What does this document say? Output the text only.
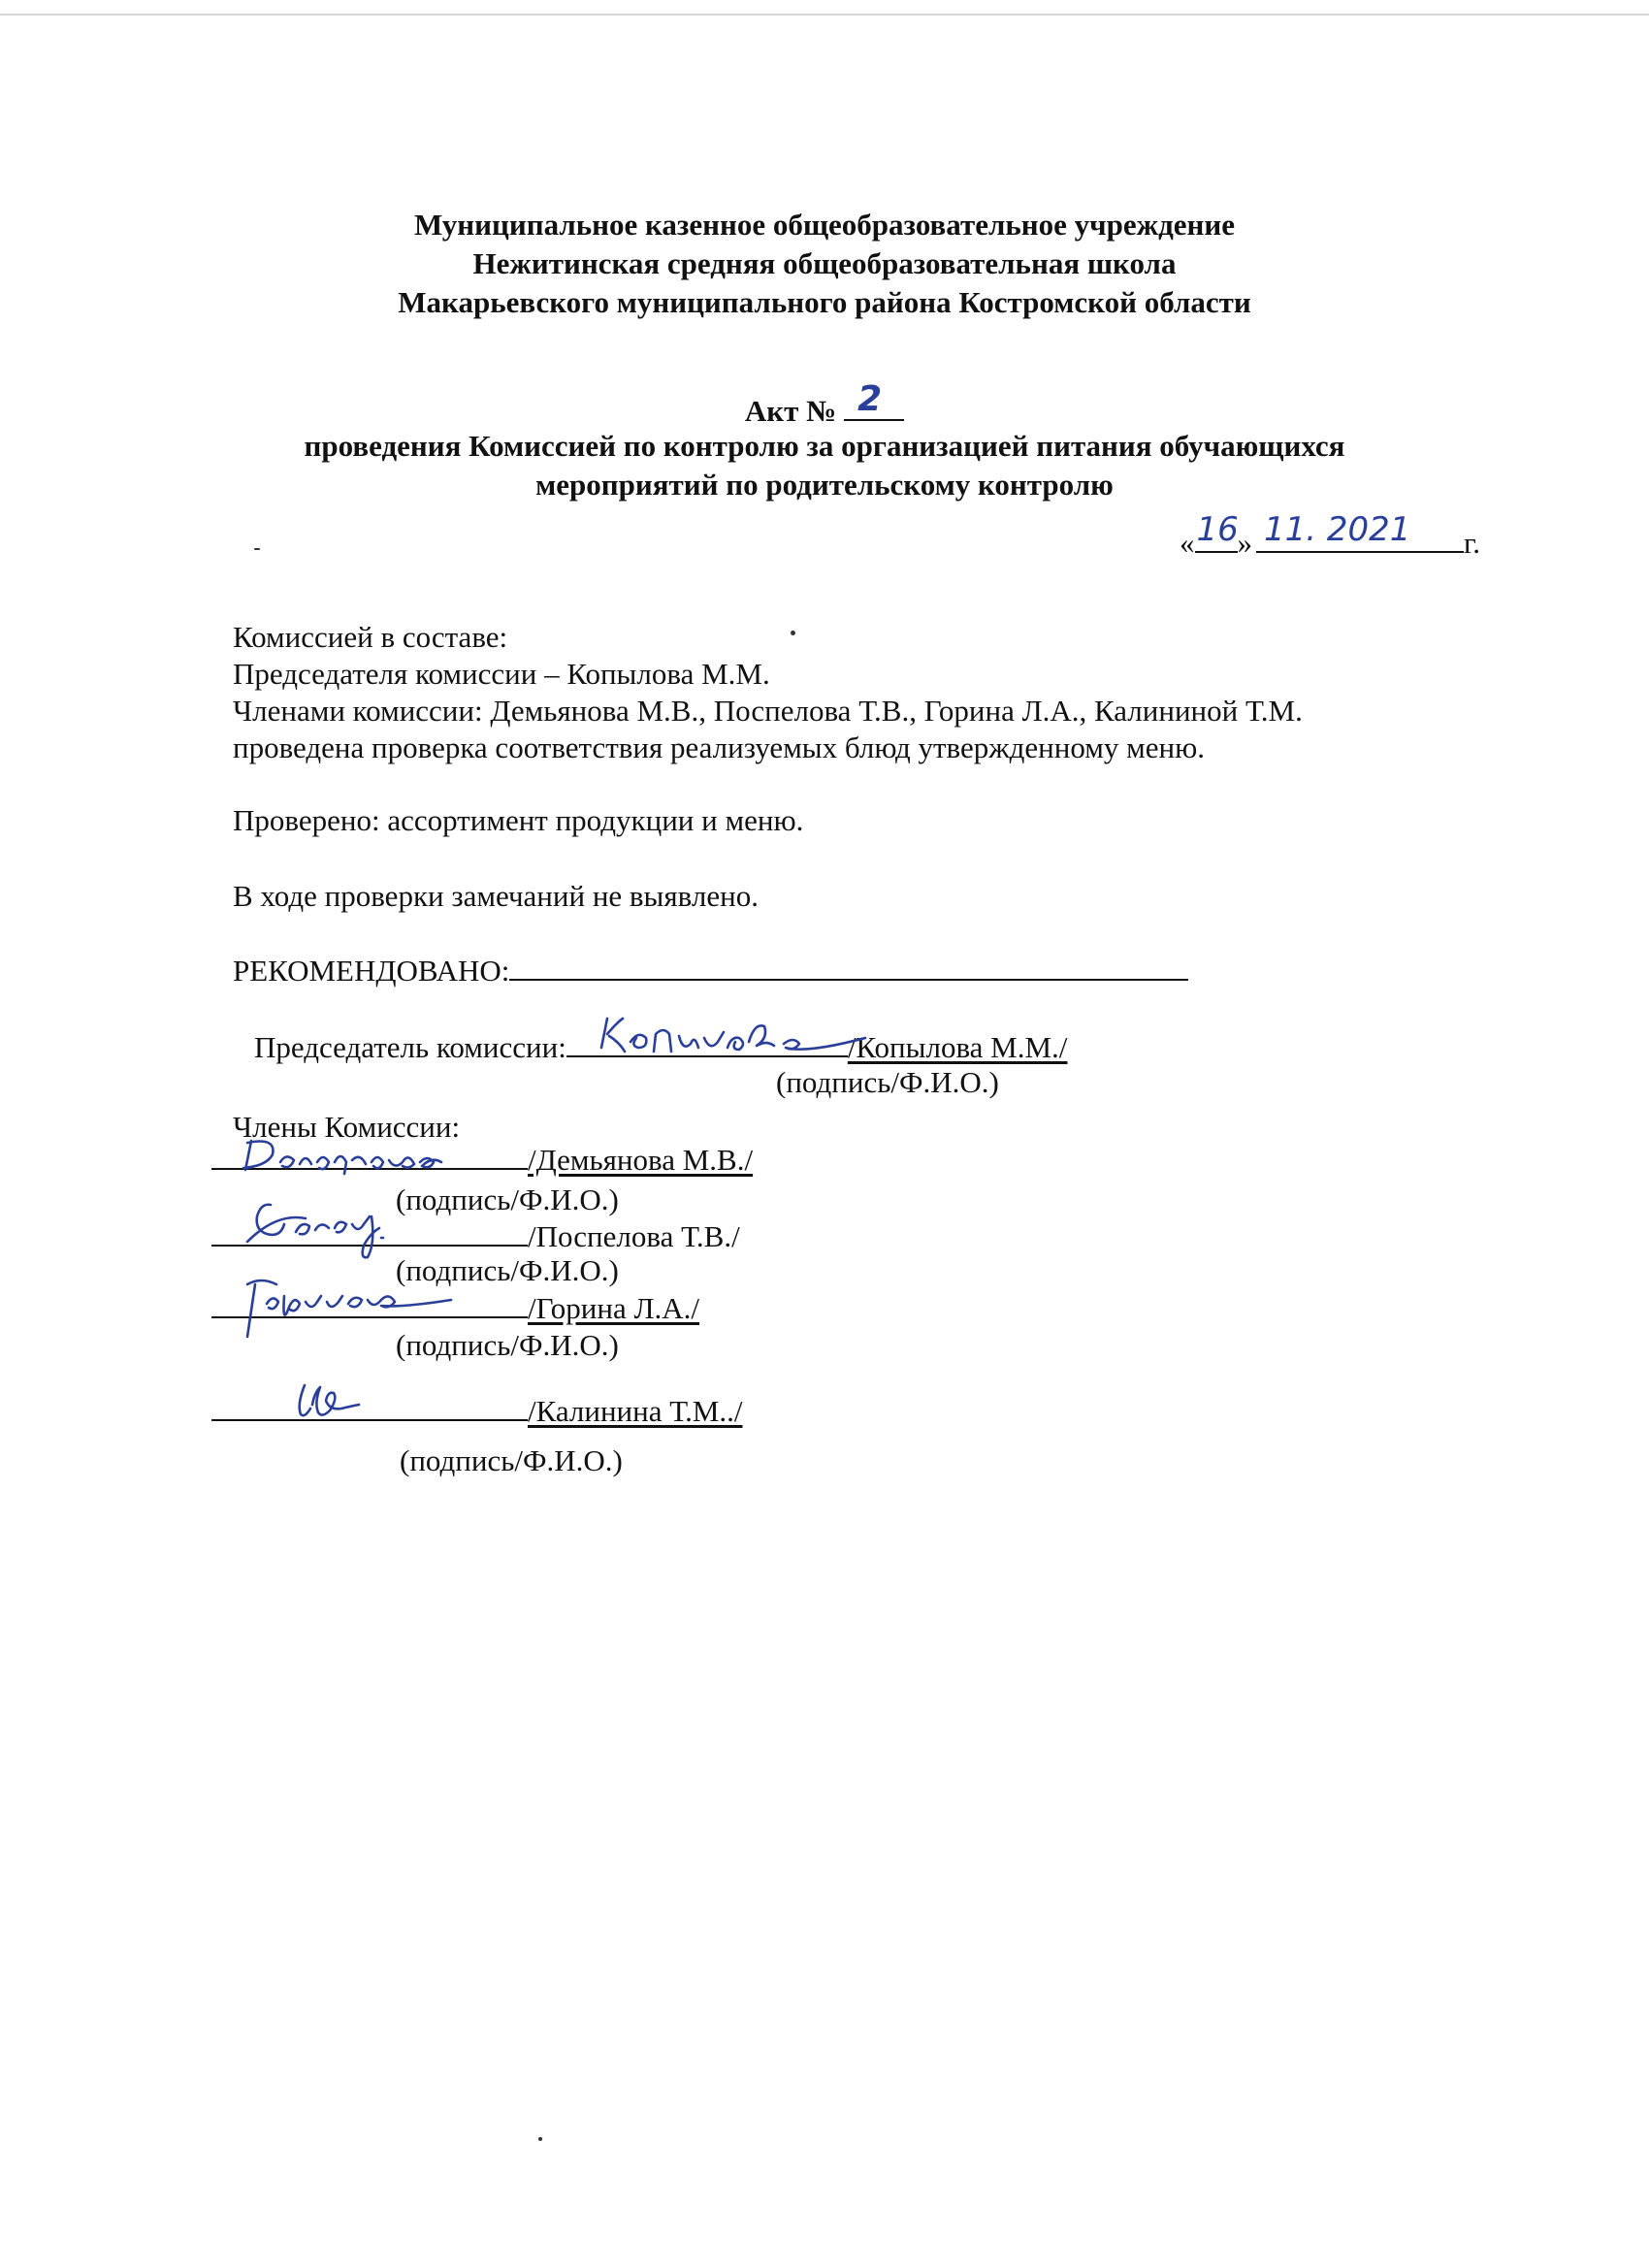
Муниципальное казенное общеобразовательное учреждение
Нежитинская средняя общеобразовательная школа
Макарьевского муниципального района Костромской области
Акт № 2
проведения Комиссией по контролю за организацией питания обучающихся
мероприятий по родительскому контролю
« 16
» 11. 2021 г.
Комиссией в составе:
Председателя комиссии – Копылова М.М.
Членами комиссии: Демьянова М.В., Поспелова Т.В., Горина Л.А., Калининой Т.М.
проведена проверка соответствия реализуемых блюд утвержденному меню.
Проверено: ассортимент продукции и меню.
В ходе проверки замечаний не выявлено.
РЕКОМЕНДОВАНО:
Председатель комиссии:	/Копылова М.М./
(подпись/Ф.И.О.)
Члены Комиссии:
/Демьянова М.В./
(подпись/Ф.И.О.)
/Поспелова Т.В./
(подпись/Ф.И.О.)
/Горина Л.А./
(подпись/Ф.И.О.)
/Калинина Т.М../
(подпись/Ф.И.О.)
